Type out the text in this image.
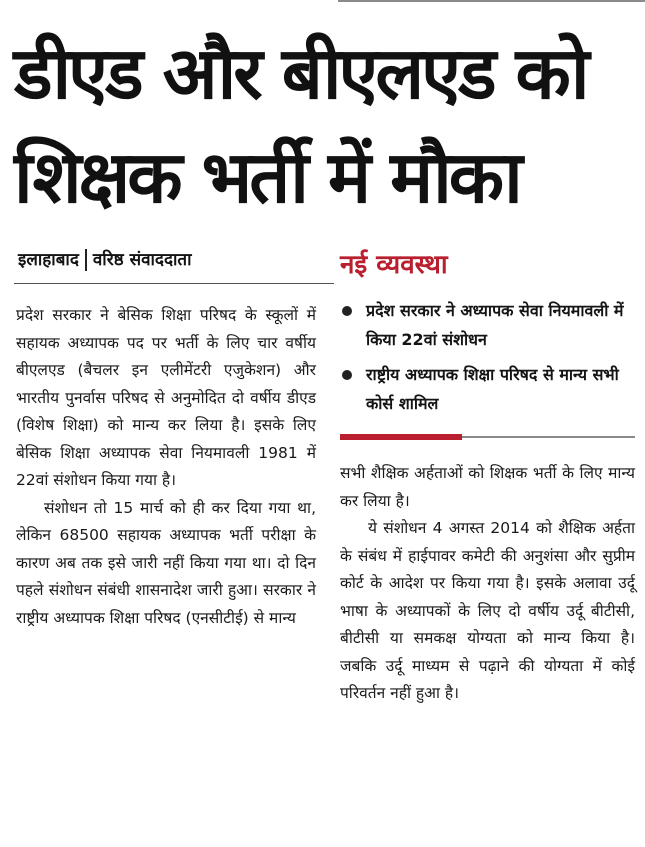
डीएड और बीएलएड को
शिक्षक भर्ती में मौका
इलाहाबाद वरिष्ठ संवाददाता

प्रदेश सरकार ने बेसिक शिक्षा परिषद के स्कूलों में सहायक अध्यापक पद पर भर्ती के लिए चार वर्षीय बीएलएड (बैचलर इन एलीमेंटरी एजुकेशन) और भारतीय पुनर्वास परिषद से अनुमोदित दो वर्षीय डीएड (विशेष शिक्षा) को मान्य कर लिया है। इसके लिए बेसिक शिक्षा अध्यापक सेवा नियमावली 1981 में 22वां संशोधन किया गया है।

संशोधन तो 15 मार्च को ही कर दिया गया था, लेकिन 68500 सहायक अध्यापक भर्ती परीक्षा के कारण अब तक इसे जारी नहीं किया गया था। दो दिन पहले संशोधन संबंधी शासनादेश जारी हुआ। सरकार ने राष्ट्रीय अध्यापक शिक्षा परिषद (एनसीटीई) से मान्य

नई व्यवस्था
प्रदेश सरकार ने अध्यापक सेवा नियमावली में किया 22वां संशोधन
राष्ट्रीय अध्यापक शिक्षा परिषद से मान्य सभी कोर्स शामिल

सभी शैक्षिक अर्हताओं को शिक्षक भर्ती के लिए मान्य कर लिया है।

ये संशोधन 4 अगस्त 2014 को शैक्षिक अर्हता के संबंध में हाईपावर कमेटी की अनुशंसा और सुप्रीम कोर्ट के आदेश पर किया गया है। इसके अलावा उर्दू भाषा के अध्यापकों के लिए दो वर्षीय उर्दू बीटीसी, बीटीसी या समकक्ष योग्यता को मान्य किया है। जबकि उर्दू माध्यम से पढ़ाने की योग्यता में कोई परिवर्तन नहीं हुआ है।
